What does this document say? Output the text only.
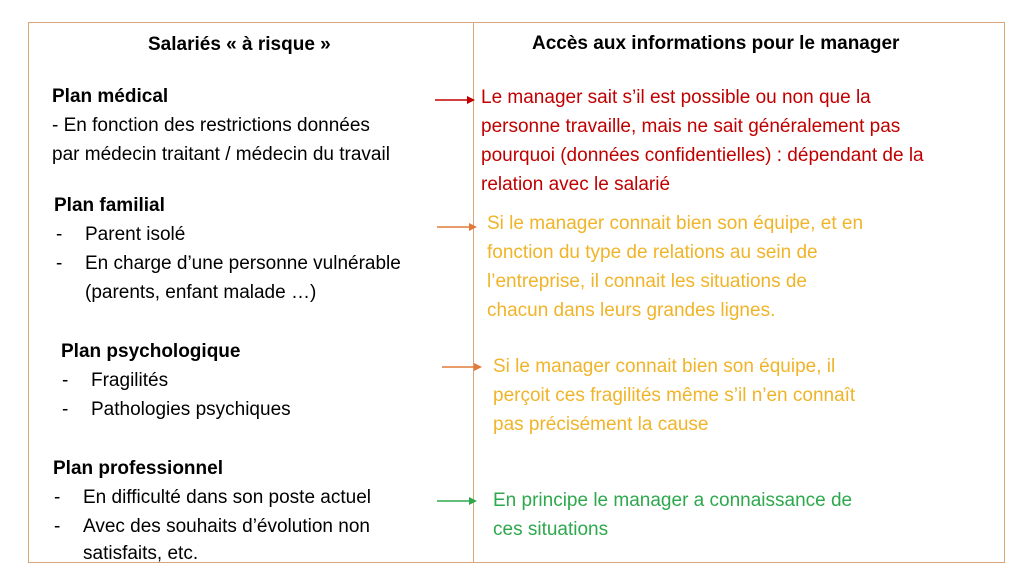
Salariés « à risque »	Accès aux informations pour le manager
Plan médical
- En fonction des restrictions données
par médecin traitant / médecin du travail
Le manager sait s’il est possible ou non que la
personne travaille, mais ne sait généralement pas
pourquoi (données confidentielles) : dépendant de la
relation avec le salarié
Plan familial
- Parent isolé
- En charge d’une personne vulnérable
(parents, enfant malade …)
Si le manager connait bien son équipe, et en
fonction du type de relations au sein de
l’entreprise, il connait les situations de
chacun dans leurs grandes lignes.
Plan psychologique
- Fragilités
- Pathologies psychiques
Si le manager connait bien son équipe, il
perçoit ces fragilités même s’il n’en connaît
pas précisément la cause
Plan professionnel
- En difficulté dans son poste actuel
- Avec des souhaits d’évolution non
satisfaits, etc.
En principe le manager a connaissance de
ces situations
